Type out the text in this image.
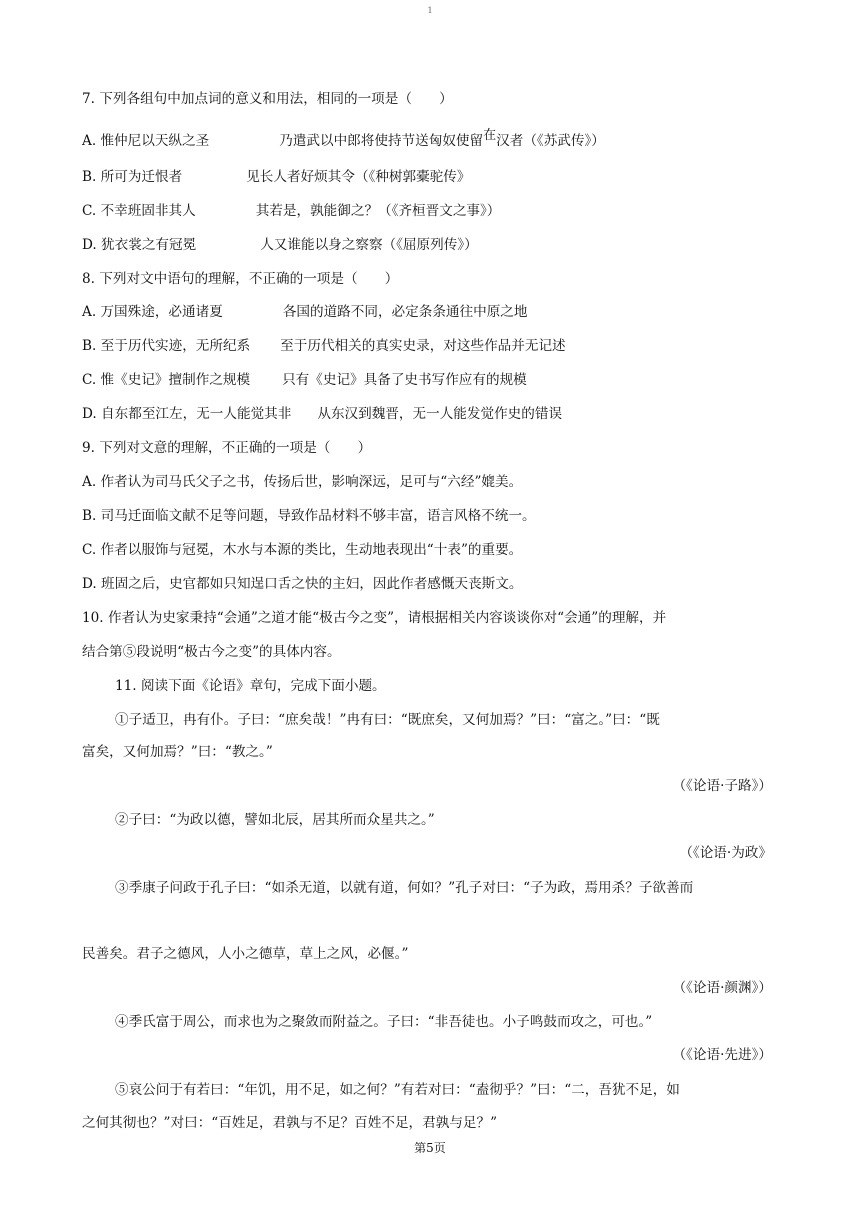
1
7. 下列各组句中加点词的意义和用法，相同的一项是（　　）
A. 惟仲尼以天纵之圣	乃遣武以中郎将使持节送匈奴使留在汉者（《苏武传》）
B. 所可为迁恨者	见长人者好烦其令（《种树郭橐驼传》
C. 不幸班固非其人	其若是，孰能御之？（《齐桓晋文之事》）
D. 犹衣裳之有冠冕	人又谁能以身之察察（《屈原列传》）
8. 下列对文中语句的理解，不正确的一项是（　　）
A. 万国殊途，必通诸夏	各国的道路不同，必定条条通往中原之地
B. 至于历代实迹，无所纪系 至于历代相关的真实史录，对这些作品并无记述
C. 惟《史记》擅制作之规模 只有《史记》具备了史书写作应有的规模
D. 自东都至江左，无一人能觉其非 从东汉到魏晋，无一人能发觉作史的错误
9. 下列对文意的理解，不正确的一项是（　　）
A. 作者认为司马氏父子之书，传扬后世，影响深远，足可与“六经”媲美。
B. 司马迁面临文献不足等问题，导致作品材料不够丰富，语言风格不统一。
C. 作者以服饰与冠冕，木水与本源的类比，生动地表现出“十表”的重要。
D. 班固之后，史官都如只知逞口舌之快的主妇，因此作者感慨天丧斯文。
10. 作者认为史家秉持“会通”之道才能“极古今之变”，请根据相关内容谈谈你对“会通”的理解，并
结合第⑤段说明“极古今之变”的具体内容。
11. 阅读下面《论语》章句，完成下面小题。
①子适卫，冉有仆。子曰：“庶矣哉！”冉有曰：“既庶矣，又何加焉？”曰：“富之。”曰：“既
富矣，又何加焉？”曰：“教之。”
（《论语·子路》）
②子曰：“为政以德，譬如北辰，居其所而众星共之。”
（《论语·为政》
③季康子问政于孔子曰：“如杀无道，以就有道，何如？”孔子对曰：“子为政，焉用杀？子欲善而
民善矣。君子之德风，人小之德草，草上之风，必偃。”
（《论语·颜渊》）
④季氏富于周公，而求也为之聚敛而附益之。子曰：“非吾徒也。小子鸣鼓而攻之，可也。”
（《论语·先进》）
⑤哀公问于有若曰：“年饥，用不足，如之何？”有若对曰：“盍彻乎？”曰：“二，吾犹不足，如
之何其彻也？”对曰：“百姓足，君孰与不足？百姓不足，君孰与足？”
第5页
